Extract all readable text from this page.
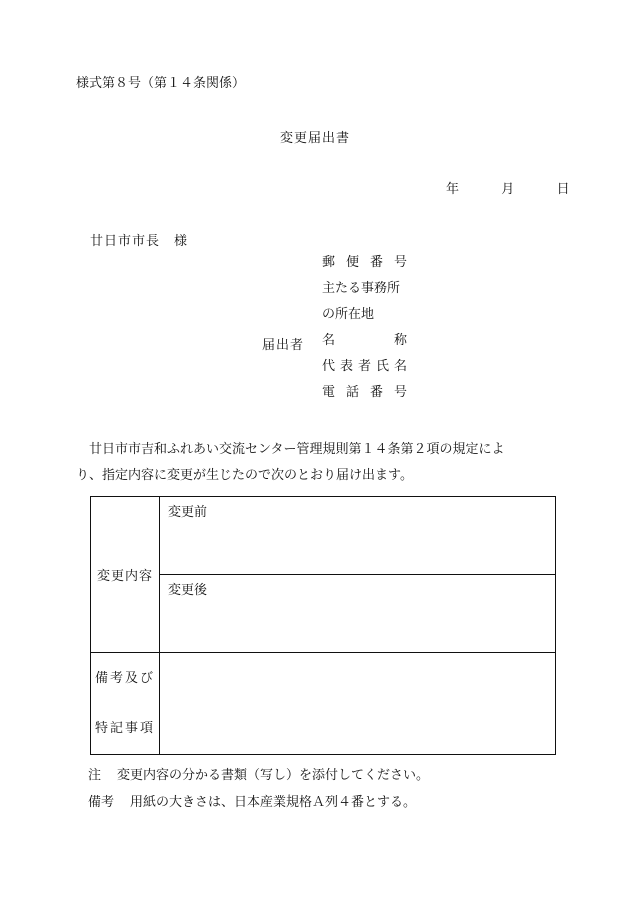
様式第８号（第１４条関係）
変更届出書
年	月	日
廿日市市長　様
届出者
郵 便 番 号
主たる事務所
の所在地
名	称
代 表 者 氏 名
電 話 番 号

廿日市市吉和ふれあい交流センター管理規則第１４条第２項の規定によ

り、指定内容に変更が生じたので次のとおり届け出ます。

変更内容	変更前
	変更後

備考及び
特記事項	

注 変更内容の分かる書類（写し）を添付してください。
備考 用紙の大きさは、日本産業規格Ａ列４番とする。
